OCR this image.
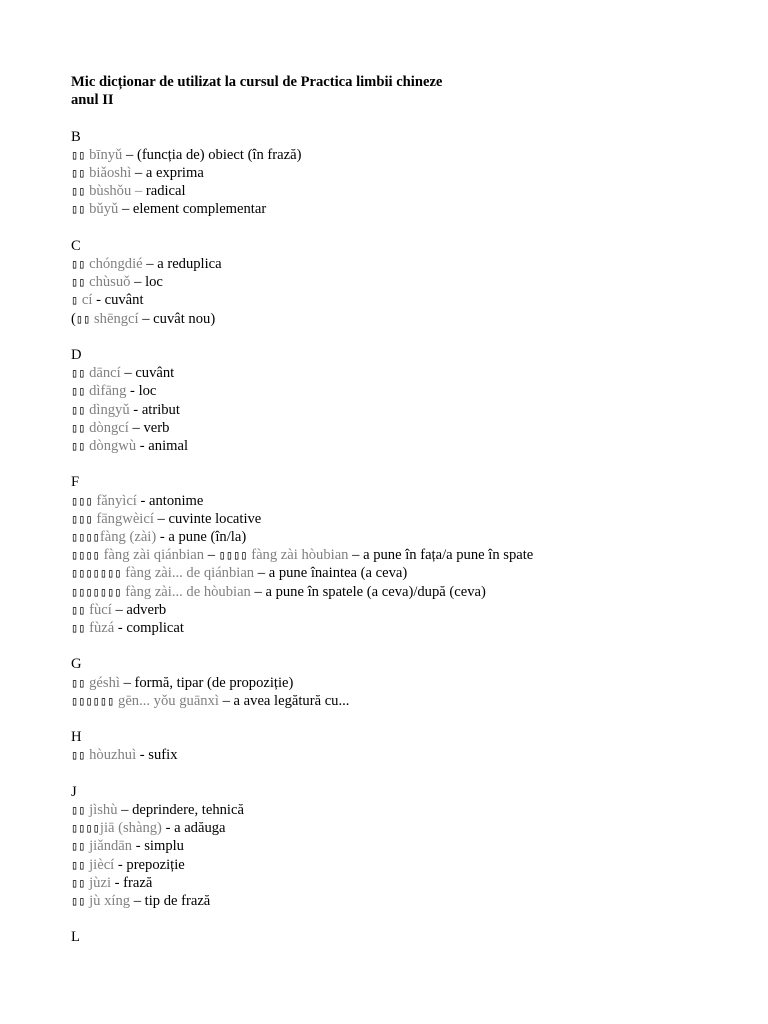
Mic dicționar de utilizat la cursul de Practica limbii chineze
anul II
B
▯▯ bīnyǔ – (funcția de) obiect (în frază)
▯▯ biǎoshì – a exprima
▯▯ bùshǒu – radical
▯▯ bǔyǔ – element complementar
C
▯▯ chóngdié – a reduplica
▯▯ chùsuǒ – loc
▯ cí - cuvânt
(▯▯ shēngcí – cuvât nou)
D
▯▯ dāncí – cuvânt
▯▯ dìfāng - loc
▯▯ dìngyǔ - atribut
▯▯ dòngcí – verb
▯▯ dòngwù - animal
F
▯▯▯ fǎnyìcí - antonime
▯▯▯ fāngwèicí – cuvinte locative
▯▯▯▯fàng (zài) - a pune (în/la)
▯▯▯▯ fàng zài qiánbian – ▯▯▯▯ fàng zài hòubian – a pune în fața/a pune în spate
▯▯▯▯▯▯▯ fàng zài... de qiánbian – a pune înaintea (a ceva)
▯▯▯▯▯▯▯ fàng zài... de hòubian – a pune în spatele (a ceva)/după (ceva)
▯▯ fùcí – adverb
▯▯ fùzá - complicat
G
▯▯ géshì – formă, tipar (de propoziție)
▯▯▯▯▯▯ gēn... yǒu guānxì – a avea legătură cu...
H
▯▯ hòuzhuì - sufix
J
▯▯ jìshù – deprindere, tehnică
▯▯▯▯jiā (shàng) - a adăuga
▯▯ jiǎndān - simplu
▯▯ jiècí - prepoziție
▯▯ jùzi - frază
▯▯ jù xíng – tip de frază
L
